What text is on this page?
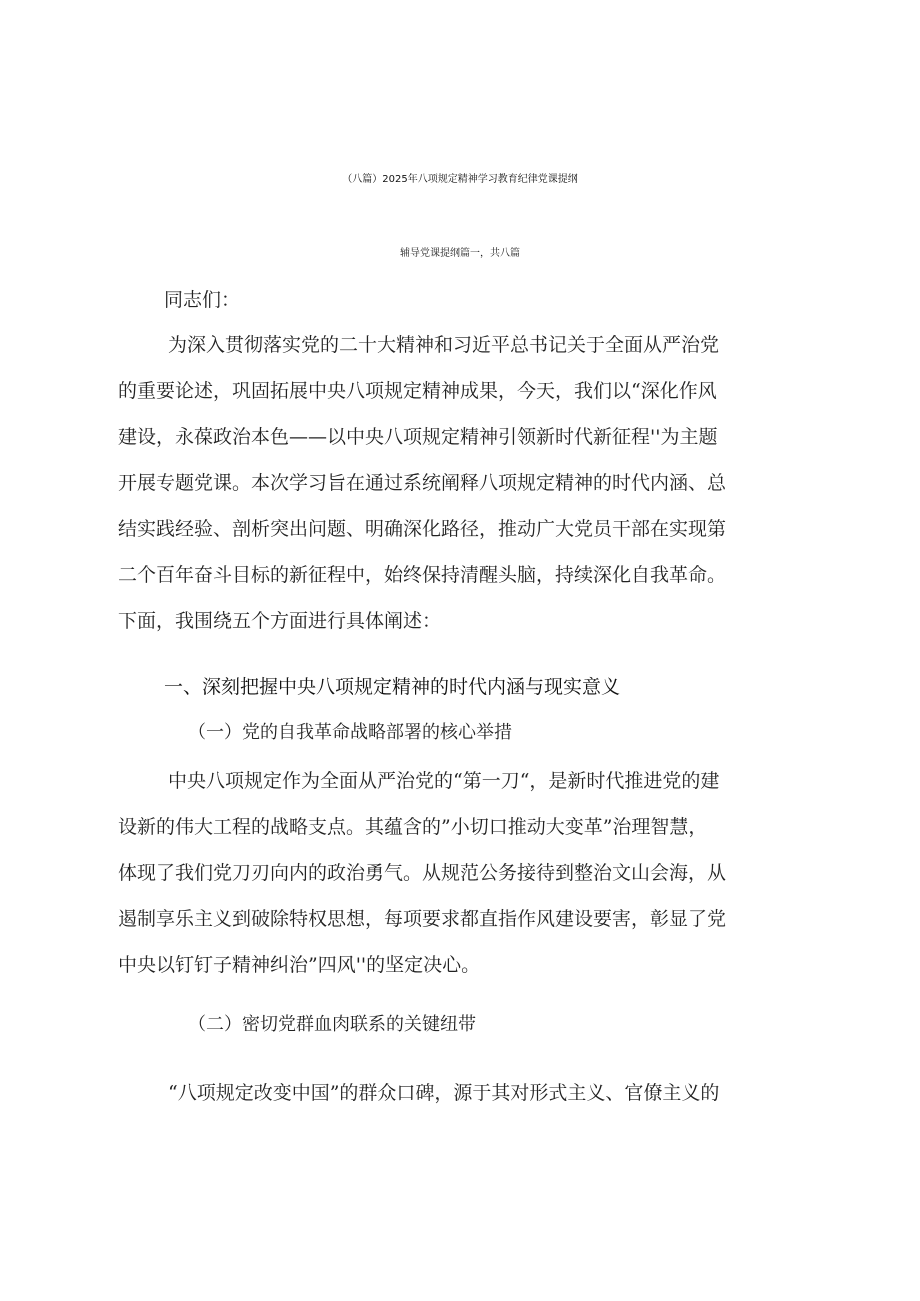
（八篇）2025年八项规定精神学习教育纪律党课提纲
辅导党课提纲篇一，共八篇
同志们：
为深入贯彻落实党的二十大精神和习近平总书记关于全面从严治党
的重要论述，巩固拓展中央八项规定精神成果，今天，我们以“深化作风
建设，永葆政治本色——以中央八项规定精神引领新时代新征程''为主题
开展专题党课。本次学习旨在通过系统阐释八项规定精神的时代内涵、总
结实践经验、剖析突出问题、明确深化路径，推动广大党员干部在实现第
二个百年奋斗目标的新征程中，始终保持清醒头脑，持续深化自我革命。
下面，我围绕五个方面进行具体阐述：
一、深刻把握中央八项规定精神的时代内涵与现实意义
（一）党的自我革命战略部署的核心举措
中央八项规定作为全面从严治党的“第一刀“，是新时代推进党的建
设新的伟大工程的战略支点。其蕴含的”小切口推动大变革”治理智慧，
体现了我们党刀刃向内的政治勇气。从规范公务接待到整治文山会海，从
遏制享乐主义到破除特权思想，每项要求都直指作风建设要害，彰显了党
中央以钉钉子精神纠治”四风''的坚定决心。
（二）密切党群血肉联系的关键纽带
“八项规定改变中国”的群众口碑，源于其对形式主义、官僚主义的
